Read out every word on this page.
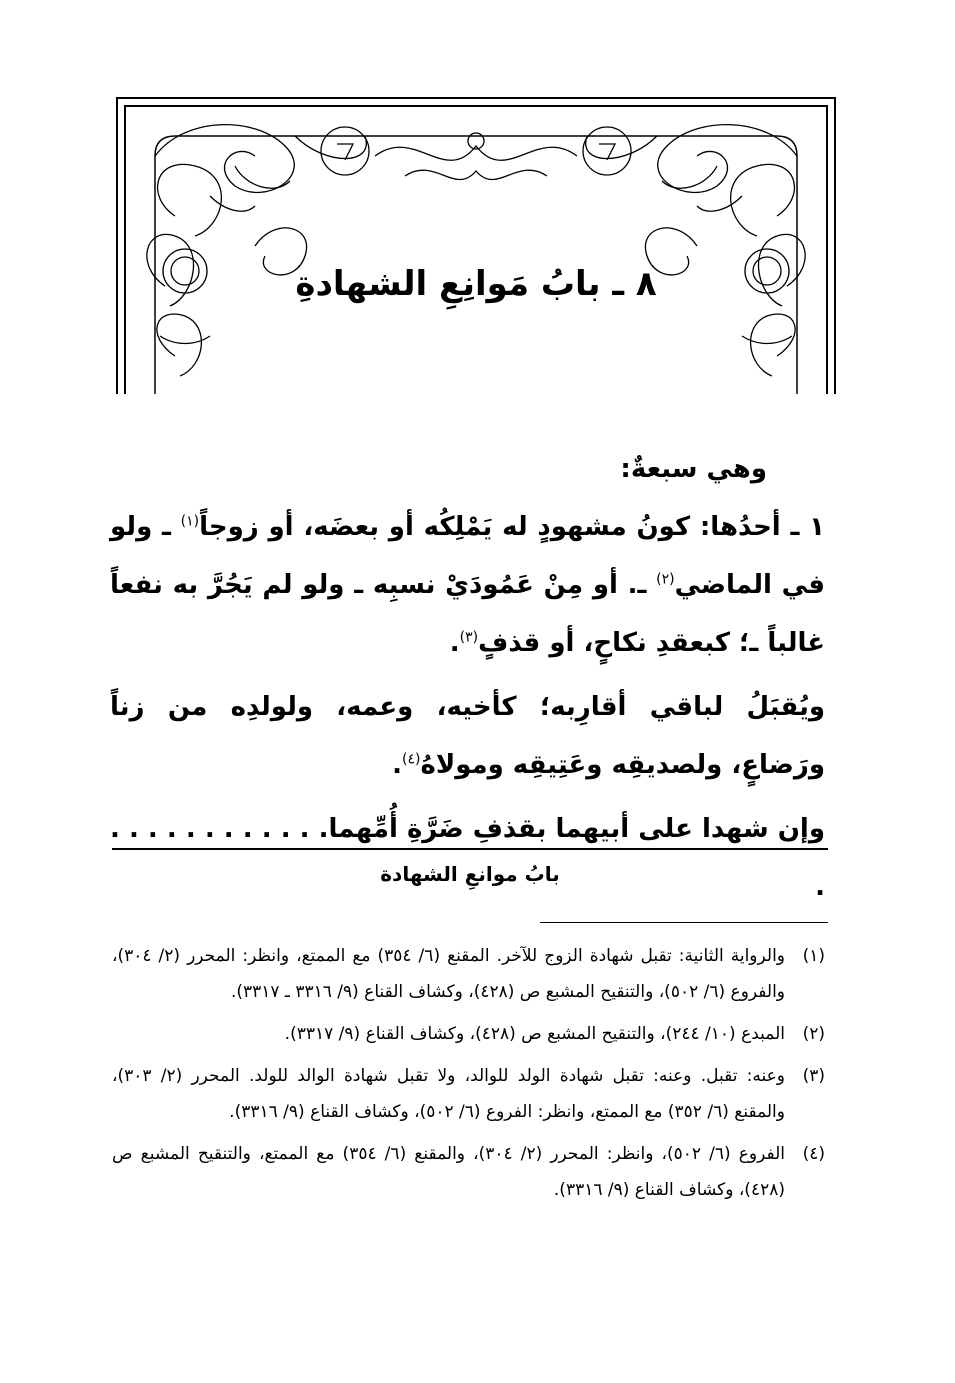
٨ ـ بابُ مَوانِعِ الشهادةِ

وهي سبعةٌ:

١ ـ أحدُها: كونُ مشهودٍ له يَمْلِكُه أو بعضَه، أو زوجاً$^{(١)}$ ـ ولو في الماضي$^{(٢)}$ ـ. أو مِنْ عَمُودَيْ نسبِه ـ ولو لم يَجُرَّ به نفعاً غالباً ـ؛ كبعقدِ نكاحٍ، أو قذفٍ$^{(٣)}$.

ويُقبَلُ لباقي أقارِبه؛ كأخيه، وعمه، ولولدِه من زناً ورَضاعٍ، ولصديقِه وعَتِيقِه ومولاهُ$^{(٤)}$.

وإن شهدا على أبيهما بقذفِ ضَرَّةِ أُمِّهما. . . . . . . . . . . . .

بابُ موانعِ الشهادة
(١)
والرواية الثانية: تقبل شهادة الزوج للآخر. المقنع (٦/ ٣٥٤) مع الممتع، وانظر: المحرر (٢/ ٣٠٤)، والفروع (٦/ ٥٠٢)، والتنقيح المشبع ص (٤٢٨)، وكشاف القناع (٩/ ٣٣١٦ ـ ٣٣١٧).
(٢)
المبدع (١٠/ ٢٤٤)، والتنقيح المشبع ص (٤٢٨)، وكشاف القناع (٩/ ٣٣١٧).
(٣)
وعنه: تقبل. وعنه: تقبل شهادة الولد للوالد، ولا تقبل شهادة الوالد للولد. المحرر (٢/ ٣٠٣)، والمقنع (٦/ ٣٥٢) مع الممتع، وانظر: الفروع (٦/ ٥٠٢)، وكشاف القناع (٩/ ٣٣١٦).
(٤)
الفروع (٦/ ٥٠٢)، وانظر: المحرر (٢/ ٣٠٤)، والمقنع (٦/ ٣٥٤) مع الممتع، والتنقيح المشبع ص (٤٢٨)، وكشاف القناع (٩/ ٣٣١٦).
